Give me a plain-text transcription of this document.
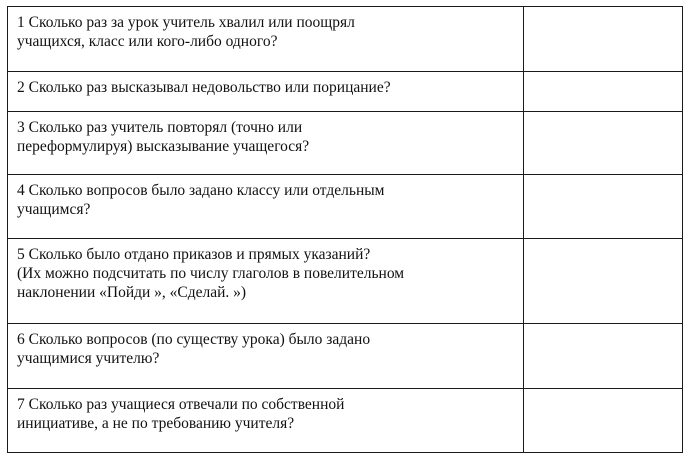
1 Сколько раз за урок учитель хвалил или поощрял
учащихся, класс или кого-либо одного?	

2 Сколько раз высказывал недовольство или порицание?	

3 Сколько раз учитель повторял (точно или
переформулируя) высказывание учащегося?	

4 Сколько вопросов было задано классу или отдельным
учащимся?	

5 Сколько было отдано приказов и прямых указаний?
(Их можно подсчитать по числу глаголов в повелительном
наклонении «Пойди », «Сделай. »)	

6 Сколько вопросов (по существу урока) было задано
учащимися учителю?	

7 Сколько раз учащиеся отвечали по собственной
инициативе, а не по требованию учителя?	
